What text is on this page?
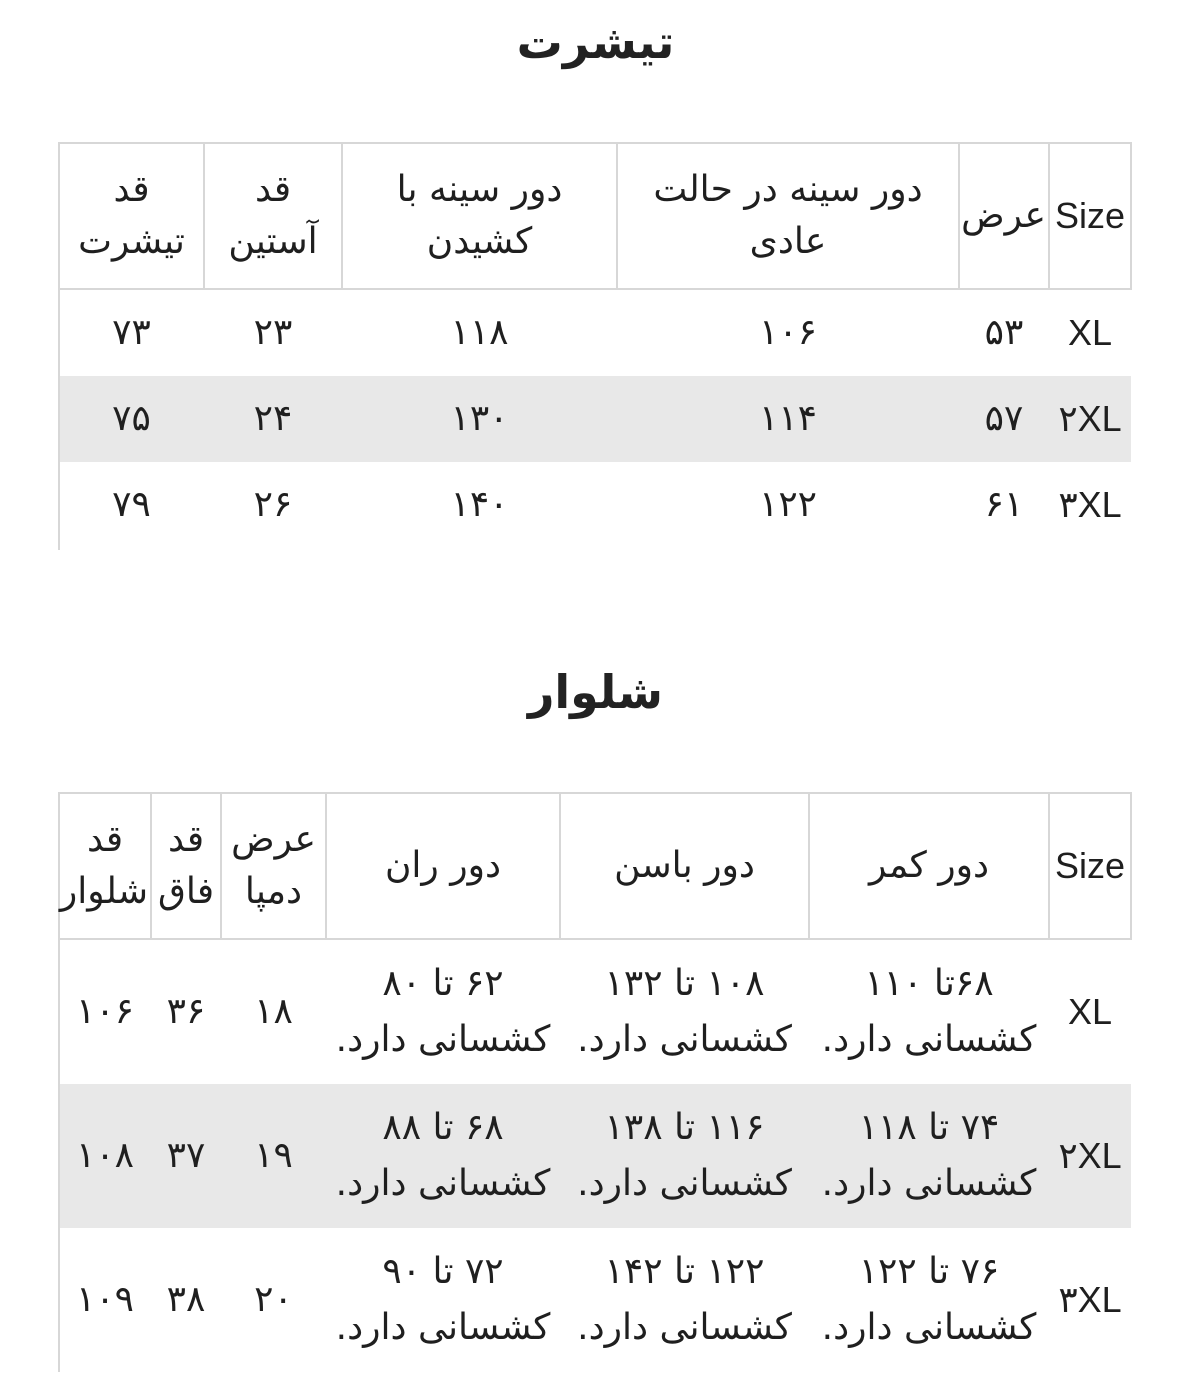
تیشرت
Size	عرض	دور سینه در حالت عادی	دور سینه با کشیدن	قد آستین	قد تیشرت
XL	۵۳	۱۰۶	۱۱۸	۲۳	۷۳
۲XL	۵۷	۱۱۴	۱۳۰	۲۴	۷۵
۳XL	۶۱	۱۲۲	۱۴۰	۲۶	۷۹
شلوار
Size	دور کمر	دور باسن	دور ران	عرض دمپا	قد فاق	قد شلوار
XL	۶۸تا ۱۱۰ کشسانی دارد.	۱۰۸ تا ۱۳۲ کشسانی دارد.	۶۲ تا ۸۰ کشسانی دارد.	۱۸	۳۶	۱۰۶
۲XL	۷۴ تا ۱۱۸ کشسانی دارد.	۱۱۶ تا ۱۳۸ کشسانی دارد.	۶۸ تا ۸۸ کشسانی دارد.	۱۹	۳۷	۱۰۸
۳XL	۷۶ تا ۱۲۲ کشسانی دارد.	۱۲۲ تا ۱۴۲ کشسانی دارد.	۷۲ تا ۹۰ کشسانی دارد.	۲۰	۳۸	۱۰۹
